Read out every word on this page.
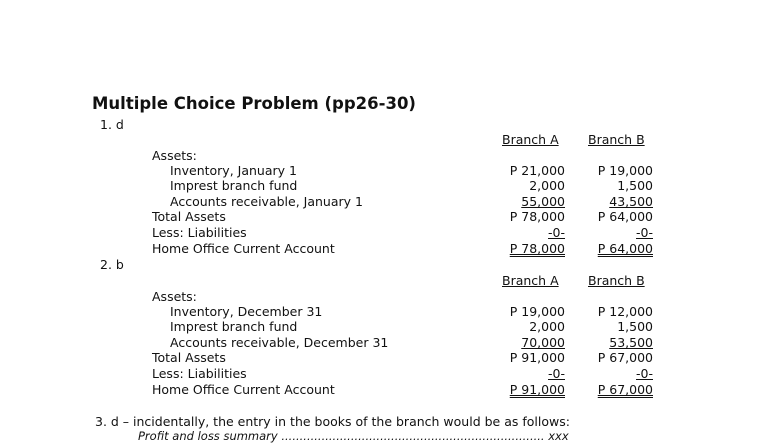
Multiple Choice Problem (pp26-30)
1. d
Branch A Branch B
Assets:
Inventory, January 1	P 21,000	P 19,000
Imprest branch fund	2,000	1,500
Accounts receivable, January 1	55,000	43,500
Total Assets	P 78,000	P 64,000
Less: Liabilities	-0-	-0-
Home Office Current Account	P 78,000	P 64,000
2. b
Branch A Branch B
Assets:
Inventory, December 31	P 19,000	P 12,000
Imprest branch fund	2,000	1,500
Accounts receivable, December 31	70,000	53,500
Total Assets	P 91,000	P 67,000
Less: Liabilities	-0-	-0-
Home Office Current Account	P 91,000	P 67,000
3. d – incidentally, the entry in the books of the branch would be as follows:
Profit and loss summary ........................................................................ xxx
